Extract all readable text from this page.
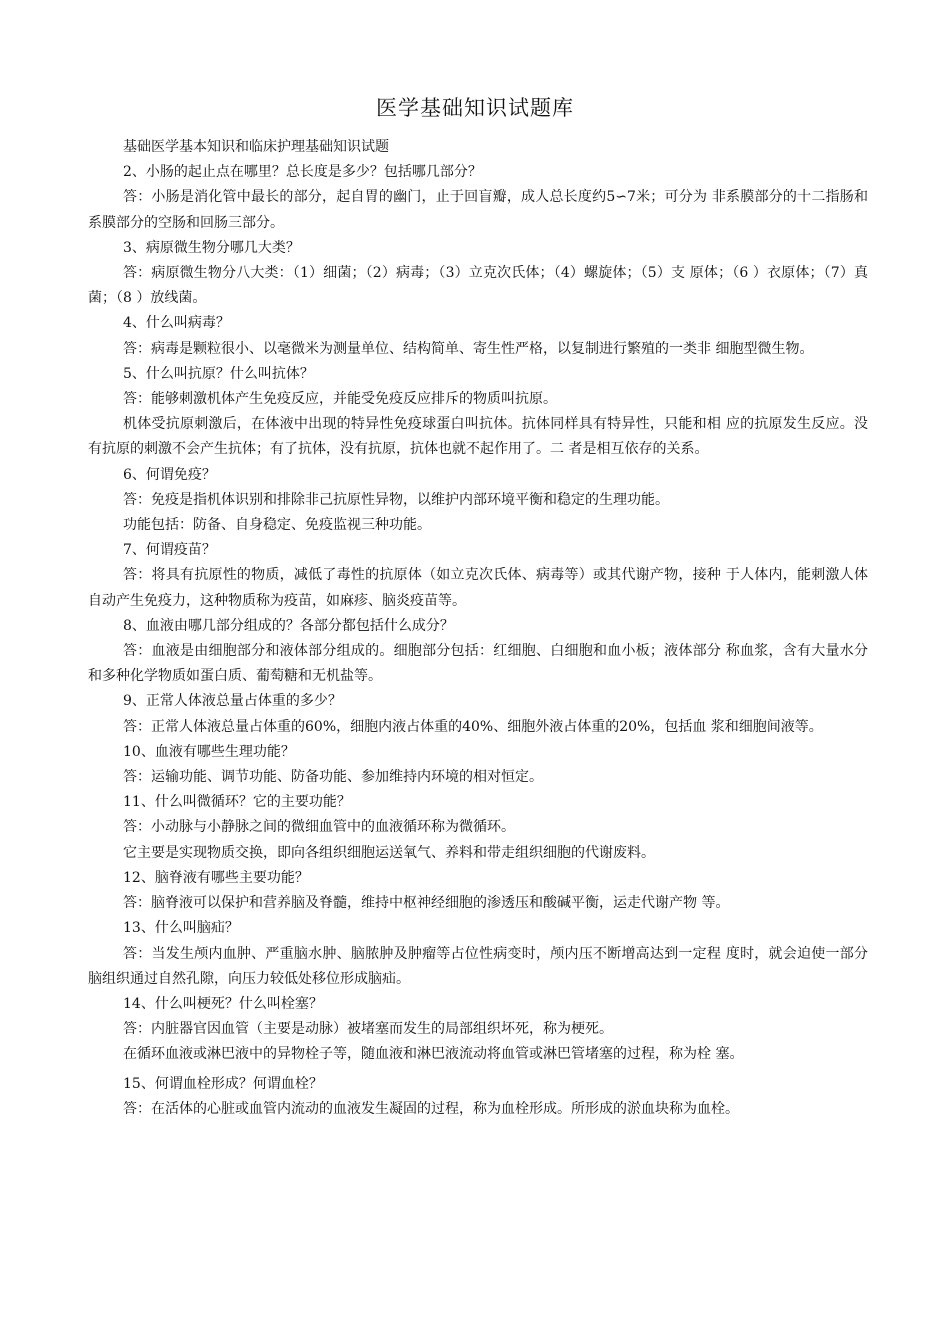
医学基础知识试题库

基础医学基本知识和临床护理基础知识试题

2、小肠的起止点在哪里？总长度是多少？包括哪几部分？

答：小肠是消化管中最长的部分，起自胃的幽门，止于回盲瓣，成人总长度约5∽7米；可分为 非系膜部分的十二指肠和系膜部分的空肠和回肠三部分。

3、病原微生物分哪几大类？

答：病原微生物分八大类：（1）细菌；（2）病毒；（3）立克次氏体；（4）螺旋体；（5）支 原体；（6 ）衣原体；（7）真菌；（8 ）放线菌。

4、什么叫病毒？

答：病毒是颗粒很小、以毫微米为测量单位、结构简单、寄生性严格，以复制进行繁殖的一类非 细胞型微生物。

5、什么叫抗原？什么叫抗体？

答：能够刺激机体产生免疫反应，并能受免疫反应排斥的物质叫抗原。

机体受抗原刺激后，在体液中出现的特异性免疫球蛋白叫抗体。抗体同样具有特异性，只能和相 应的抗原发生反应。没有抗原的刺激不会产生抗体；有了抗体，没有抗原，抗体也就不起作用了。二 者是相互依存的关系。

6、何谓免疫？

答：免疫是指机体识别和排除非己抗原性异物，以维护内部环境平衡和稳定的生理功能。

功能包括：防备、自身稳定、免疫监视三种功能。

7、何谓疫苗？

答：将具有抗原性的物质，减低了毒性的抗原体（如立克次氏体、病毒等）或其代谢产物，接种 于人体内，能刺激人体自动产生免疫力，这种物质称为疫苗，如麻疹、脑炎疫苗等。

8、血液由哪几部分组成的？各部分都包括什么成分？

答：血液是由细胞部分和液体部分组成的。细胞部分包括：红细胞、白细胞和血小板；液体部分 称血浆，含有大量水分和多种化学物质如蛋白质、葡萄糖和无机盐等。

9、正常人体液总量占体重的多少？

答：正常人体液总量占体重的60%，细胞内液占体重的40%、细胞外液占体重的20%，包括血 浆和细胞间液等。

10、血液有哪些生理功能？

答：运输功能、调节功能、防备功能、参加维持内环境的相对恒定。

11、什么叫微循环？它的主要功能？

答：小动脉与小静脉之间的微细血管中的血液循环称为微循环。

它主要是实现物质交换，即向各组织细胞运送氧气、养料和带走组织细胞的代谢废料。

12、脑脊液有哪些主要功能？

答：脑脊液可以保护和营养脑及脊髓，维持中枢神经细胞的渗透压和酸碱平衡，运走代谢产物 等。

13、什么叫脑疝？

答：当发生颅内血肿、严重脑水肿、脑脓肿及肿瘤等占位性病变时，颅内压不断增高达到一定程 度时，就会迫使一部分脑组织通过自然孔隙，向压力较低处移位形成脑疝。

14、什么叫梗死？什么叫栓塞？

答：内脏器官因血管（主要是动脉）被堵塞而发生的局部组织坏死，称为梗死。

在循环血液或淋巴液中的异物栓子等，随血液和淋巴液流动将血管或淋巴管堵塞的过程，称为栓 塞。

15、何谓血栓形成？何谓血栓？

答：在活体的心脏或血管内流动的血液发生凝固的过程，称为血栓形成。所形成的淤血块称为血栓。
